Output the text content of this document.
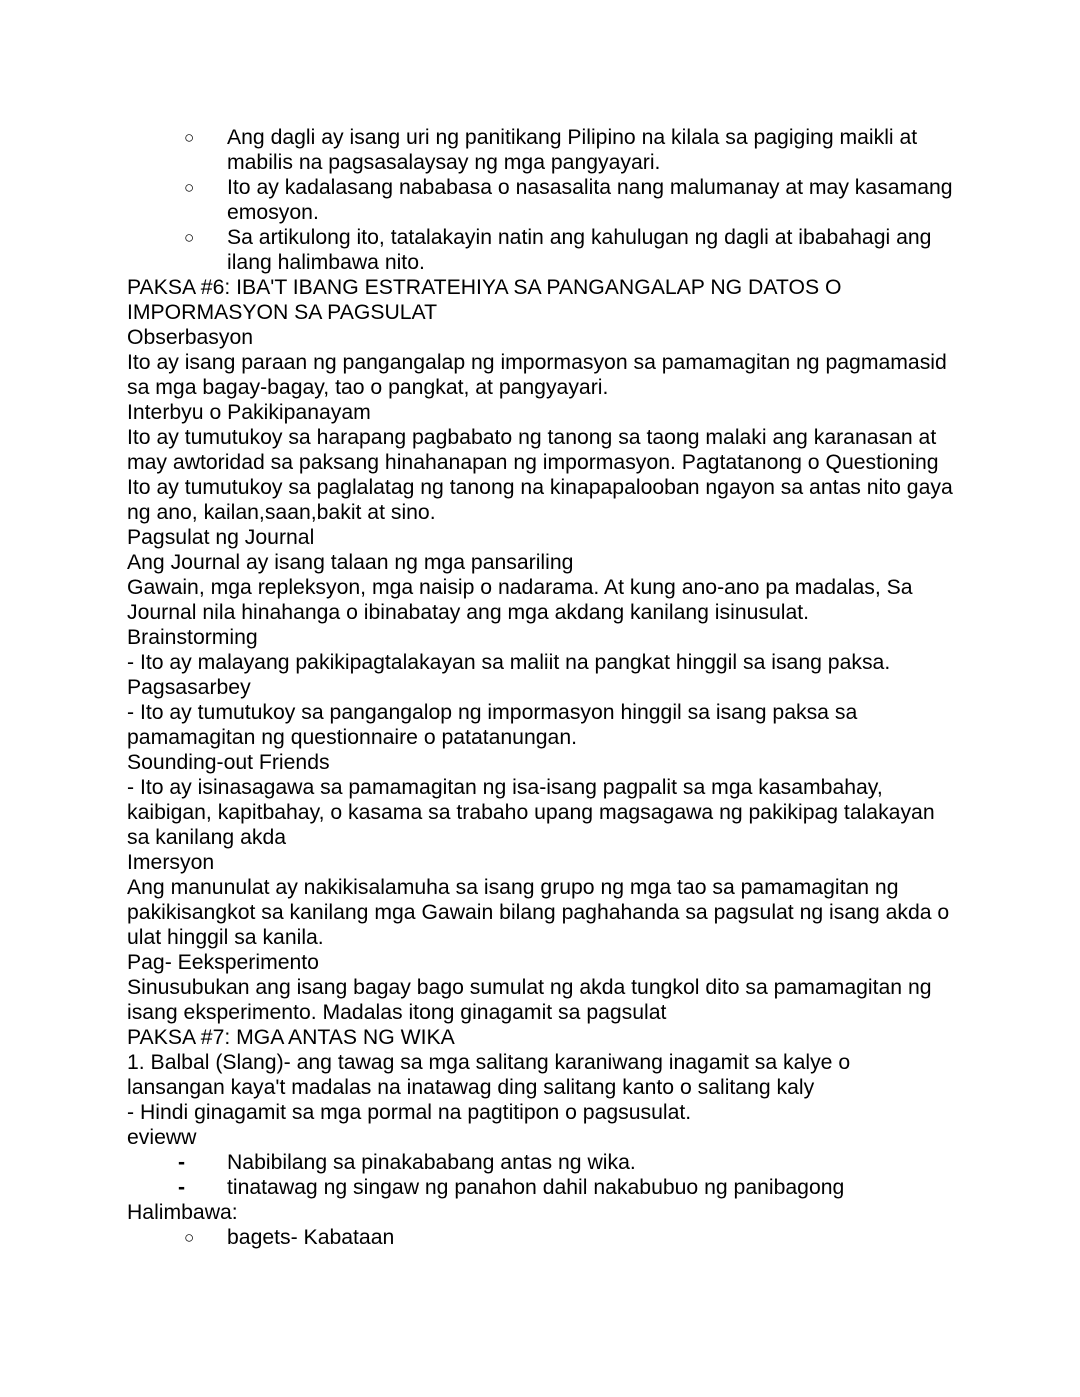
○ Ang dagli ay isang uri ng panitikang Pilipino na kilala sa pagiging maikli at mabilis na pagsasalaysay ng mga pangyayari.
○ Ito ay kadalasang nababasa o nasasalita nang malumanay at may kasamang emosyon.
○ Sa artikulong ito, tatalakayin natin ang kahulugan ng dagli at ibabahagi ang ilang halimbawa nito.
PAKSA #6: IBA'T IBANG ESTRATEHIYA SA PANGANGALAP NG DATOS O IMPORMASYON SA PAGSULAT
Obserbasyon
Ito ay isang paraan ng pangangalap ng impormasyon sa pamamagitan ng pagmamasid sa mga bagay-bagay, tao o pangkat, at pangyayari.
Interbyu o Pakikipanayam
Ito ay tumutukoy sa harapang pagbabato ng tanong sa taong malaki ang karanasan at may awtoridad sa paksang hinahanapan ng impormasyon. Pagtatanong o Questioning
Ito ay tumutukoy sa paglalatag ng tanong na kinapapalooban ngayon sa antas nito gaya ng ano, kailan,saan,bakit at sino.
Pagsulat ng Journal
Ang Journal ay isang talaan ng mga pansariling
Gawain, mga repleksyon, mga naisip o nadarama. At kung ano-ano pa madalas, Sa Journal nila hinahanga o ibinabatay ang mga akdang kanilang isinusulat.
Brainstorming
- Ito ay malayang pakikipagtalakayan sa maliit na pangkat hinggil sa isang paksa.
Pagsasarbey
- Ito ay tumutukoy sa pangangalop ng impormasyon hinggil sa isang paksa sa pamamagitan ng questionnaire o patatanungan.
Sounding-out Friends
- Ito ay isinasagawa sa pamamagitan ng isa-isang pagpalit sa mga kasambahay, kaibigan, kapitbahay, o kasama sa trabaho upang magsagawa ng pakikipag talakayan sa kanilang akda
Imersyon
Ang manunulat ay nakikisalamuha sa isang grupo ng mga tao sa pamamagitan ng pakikisangkot sa kanilang mga Gawain bilang paghahanda sa pagsulat ng isang akda o ulat hinggil sa kanila.
Pag- Eeksperimento
Sinusubukan ang isang bagay bago sumulat ng akda tungkol dito sa pamamagitan ng isang eksperimento. Madalas itong ginagamit sa pagsulat
PAKSA #7: MGA ANTAS NG WIKA
1. Balbal (Slang)- ang tawag sa mga salitang karaniwang inagamit sa kalye o lansangan kaya't madalas na inatawag ding salitang kanto o salitang kaly
- Hindi ginagamit sa mga pormal na pagtitipon o pagsusulat.
evieww
- Nabibilang sa pinakababang antas ng wika.
- tinatawag ng singaw ng panahon dahil nakabubuo ng panibagong
Halimbawa:
○ bagets- Kabataan
